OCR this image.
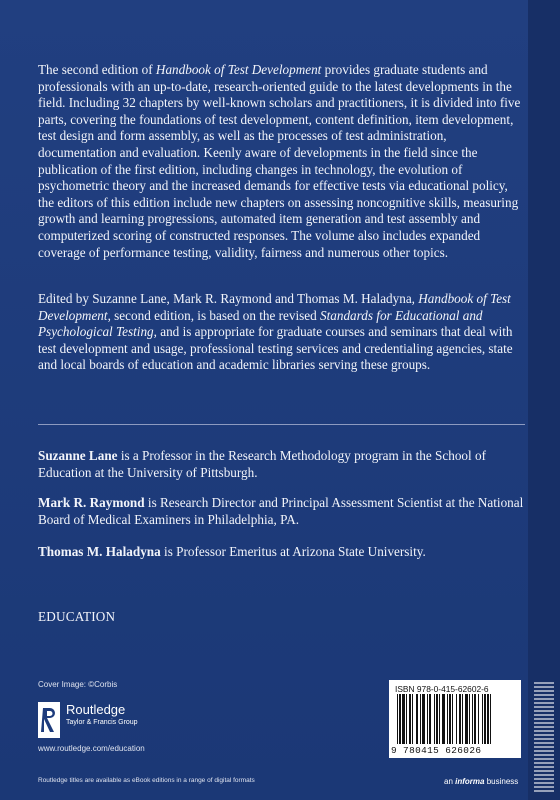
The second edition of Handbook of Test Development provides graduate students and professionals with an up-to-date, research-oriented guide to the latest developments in the field. Including 32 chapters by well-known scholars and practitioners, it is divided into five parts, covering the foundations of test development, content definition, item development, test design and form assembly, as well as the processes of test administration, documentation and evaluation. Keenly aware of developments in the field since the publication of the first edition, including changes in technology, the evolution of psychometric theory and the increased demands for effective tests via educational policy, the editors of this edition include new chapters on assessing noncognitive skills, measuring growth and learning progressions, automated item generation and test assembly and computerized scoring of constructed responses. The volume also includes expanded coverage of performance testing, validity, fairness and numerous other topics.

Edited by Suzanne Lane, Mark R. Raymond and Thomas M. Haladyna, Handbook of Test Development, second edition, is based on the revised Standards for Educational and Psychological Testing, and is appropriate for graduate courses and seminars that deal with test development and usage, professional testing services and credentialing agencies, state and local boards of education and academic libraries serving these groups.

Suzanne Lane is a Professor in the Research Methodology program in the School of Education at the University of Pittsburgh.

Mark R. Raymond is Research Director and Principal Assessment Scientist at the National Board of Medical Examiners in Philadelphia, PA.

Thomas M. Haladyna is Professor Emeritus at Arizona State University.

EDUCATION
Cover Image: ©Corbis
Routledge
Taylor & Francis Group
www.routledge.com/education
Routledge titles are available as eBook editions in a range of digital formats
ISBN 978-0-415-62602-6
9 780415 626026
an informa business
